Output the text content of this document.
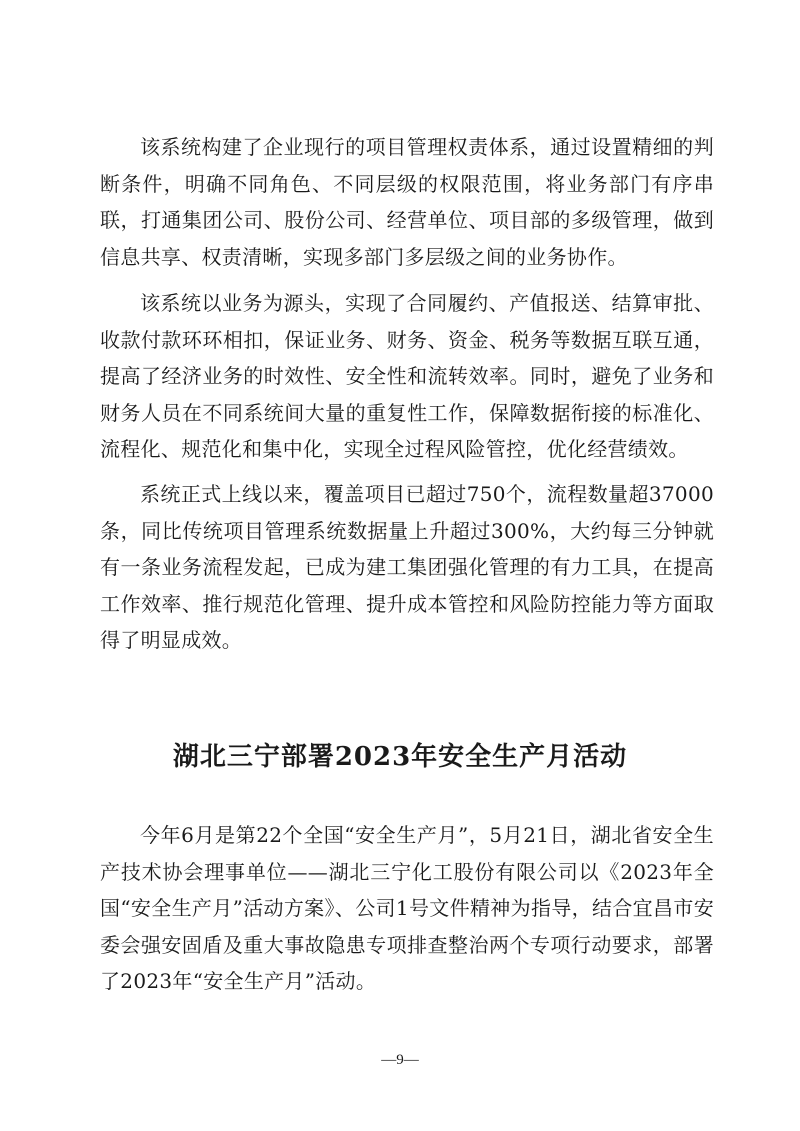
该系统构建了企业现行的项目管理权责体系，通过设置精细的判断条件，明确不同角色、不同层级的权限范围，将业务部门有序串联，打通集团公司、股份公司、经营单位、项目部的多级管理，做到信息共享、权责清晰，实现多部门多层级之间的业务协作。

该系统以业务为源头，实现了合同履约、产值报送、结算审批、收款付款环环相扣，保证业务、财务、资金、税务等数据互联互通，提高了经济业务的时效性、安全性和流转效率。同时，避免了业务和财务人员在不同系统间大量的重复性工作，保障数据衔接的标准化、流程化、规范化和集中化，实现全过程风险管控，优化经营绩效。

系统正式上线以来，覆盖项目已超过750个，流程数量超37000条，同比传统项目管理系统数据量上升超过300%，大约每三分钟就有一条业务流程发起，已成为建工集团强化管理的有力工具，在提高工作效率、推行规范化管理、提升成本管控和风险防控能力等方面取得了明显成效。

湖北三宁部署2023年安全生产月活动

今年6月是第22个全国“安全生产月”，5月21日，湖北省安全生产技术协会理事单位——湖北三宁化工股份有限公司以《2023年全国“安全生产月”活动方案》、公司1号文件精神为指导，结合宜昌市安委会强安固盾及重大事故隐患专项排查整治两个专项行动要求，部署了2023年“安全生产月”活动。

—9—
